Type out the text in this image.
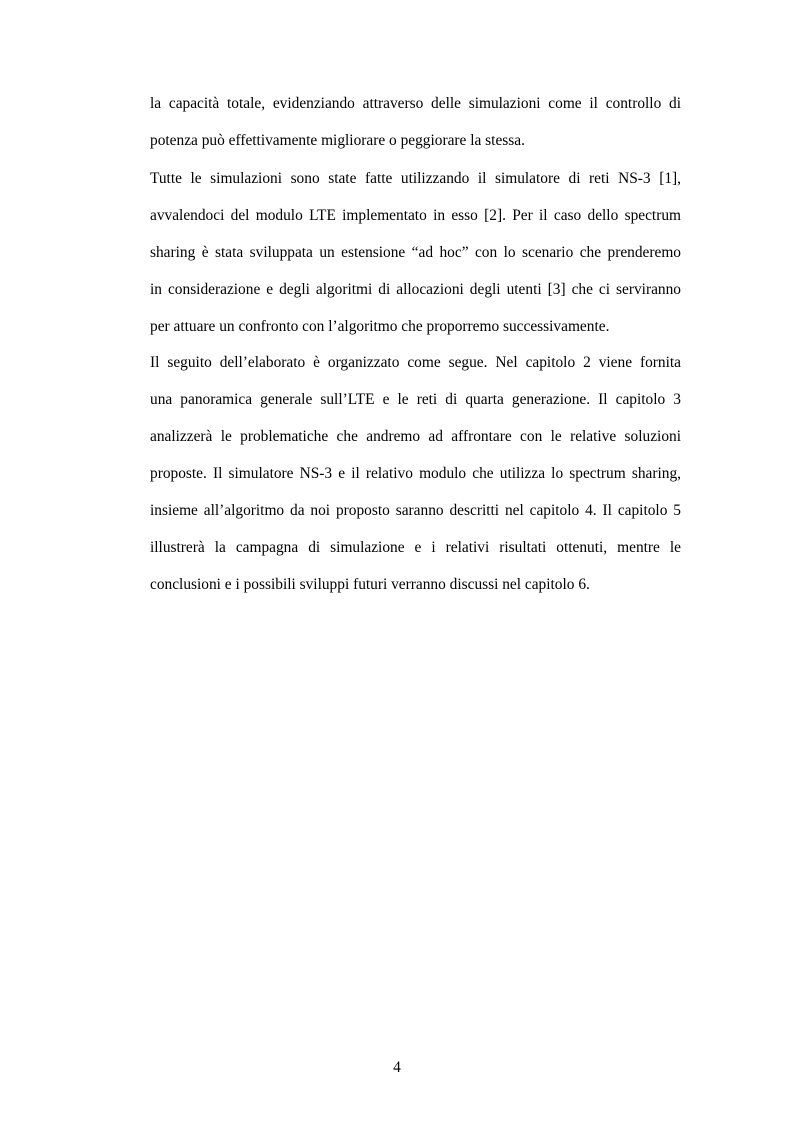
la capacità totale, evidenziando attraverso delle simulazioni come il controllo di
potenza può effettivamente migliorare o peggiorare la stessa.
Tutte le simulazioni sono state fatte utilizzando il simulatore di reti NS-3 [1],
avvalendoci del modulo LTE implementato in esso [2]. Per il caso dello spectrum
sharing è stata sviluppata un estensione “ad hoc” con lo scenario che prenderemo
in considerazione e degli algoritmi di allocazioni degli utenti [3] che ci serviranno
per attuare un confronto con l’algoritmo che proporremo successivamente.
Il seguito dell’elaborato è organizzato come segue. Nel capitolo 2 viene fornita
una panoramica generale sull’LTE e le reti di quarta generazione. Il capitolo 3
analizzerà le problematiche che andremo ad affrontare con le relative soluzioni
proposte. Il simulatore NS-3 e il relativo modulo che utilizza lo spectrum sharing,
insieme all’algoritmo da noi proposto saranno descritti nel capitolo 4. Il capitolo 5
illustrerà la campagna di simulazione e i relativi risultati ottenuti, mentre le
conclusioni e i possibili sviluppi futuri verranno discussi nel capitolo 6.
4
